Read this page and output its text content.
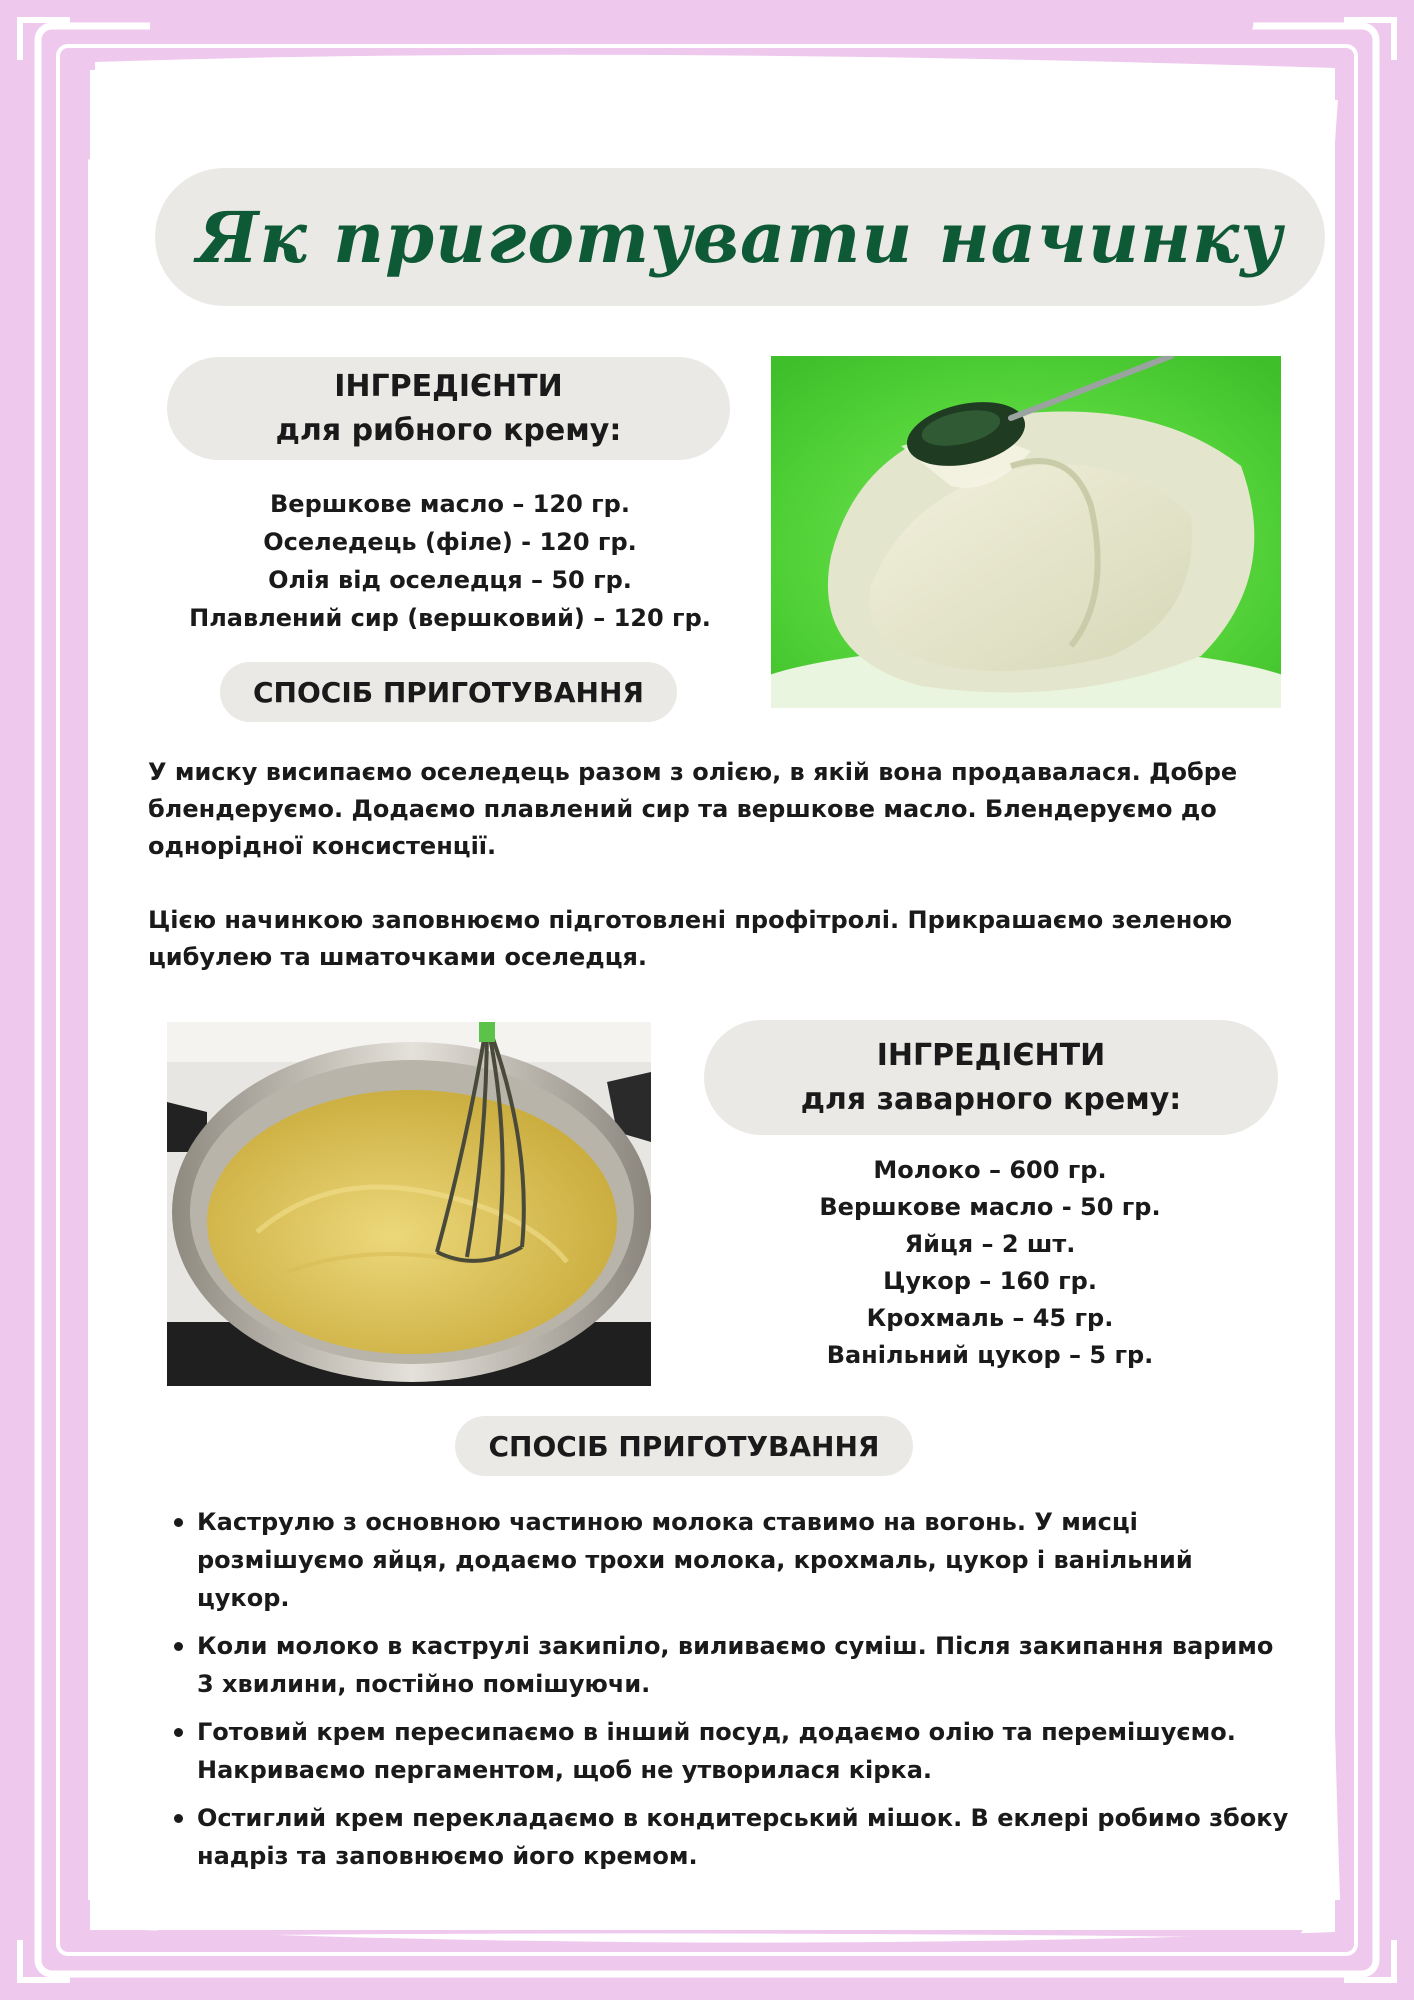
Як приготувати начинку
ІНГРЕДІЄНТИ
для рибного крему:
Вершкове масло – 120 гр.
Оселедець (філе) - 120 гр.
Олія від оселедця – 50 гр.
Плавлений сир (вершковий) – 120 гр.
СПОСІБ ПРИГОТУВАННЯ

У миску висипаємо оселедець разом з олією, в якій вона продавалася. Добре блендеруємо. Додаємо плавлений сир та вершкове масло. Блендеруємо до однорідної консистенції.

Цією начинкою заповнюємо підготовлені профітролі. Прикрашаємо зеленою цибулею та шматочками оселедця.

ІНГРЕДІЄНТИ
для заварного крему:
Молоко – 600 гр.
Вершкове масло - 50 гр.
Яйця – 2 шт.
Цукор – 160 гр.
Крохмаль – 45 гр.
Ванільний цукор – 5 гр.
СПОСІБ ПРИГОТУВАННЯ
Каструлю з основною частиною молока ставимо на вогонь. У мисці розмішуємо яйця, додаємо трохи молока, крохмаль, цукор і ванільний цукор.
Коли молоко в каструлі закипіло, виливаємо суміш. Після закипання варимо 3 хвилини, постійно помішуючи.
Готовий крем пересипаємо в інший посуд, додаємо олію та перемішуємо. Накриваємо пергаментом, щоб не утворилася кірка.
Остиглий крем перекладаємо в кондитерський мішок. В еклері робимо збоку надріз та заповнюємо його кремом.
